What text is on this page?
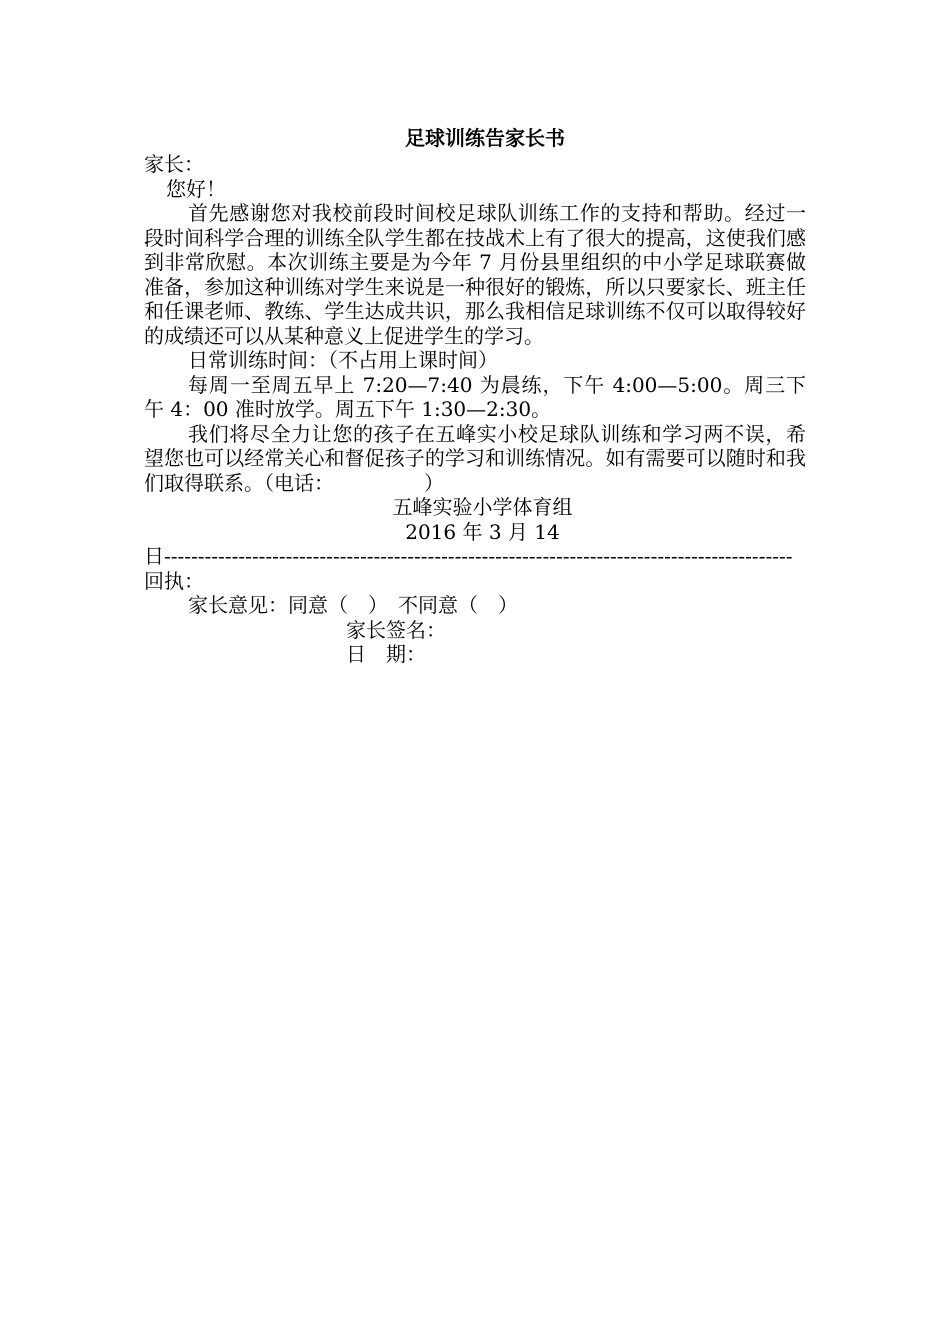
足球训练告家长书

家长：

您好！

首先感谢您对我校前段时间校足球队训练工作的支持和帮助。经过一段时间科学合理的训练全队学生都在技战术上有了很大的提高，这使我们感到非常欣慰。本次训练主要是为今年 7 月份县里组织的中小学足球联赛做准备，参加这种训练对学生来说是一种很好的锻炼，所以只要家长、班主任和任课老师、教练、学生达成共识，那么我相信足球训练不仅可以取得较好的成绩还可以从某种意义上促进学生的学习。

日常训练时间：（不占用上课时间）

每周一至周五早上 7:20—7:40 为晨练，下午 4:00—5:00。周三下午 4：00 准时放学。周五下午 1:30—2:30。

我们将尽全力让您的孩子在五峰实小校足球队训练和学习两不误，希望您也可以经常关心和督促孩子的学习和训练情况。如有需要可以随时和我们取得联系。（电话：　　　　　）

五峰实验小学体育组

2016 年 3 月 14

日---------------------------------------------------------------------------------------------

回执：

家长意见：同意（　）　不同意（　）

家长签名：

日　期：
